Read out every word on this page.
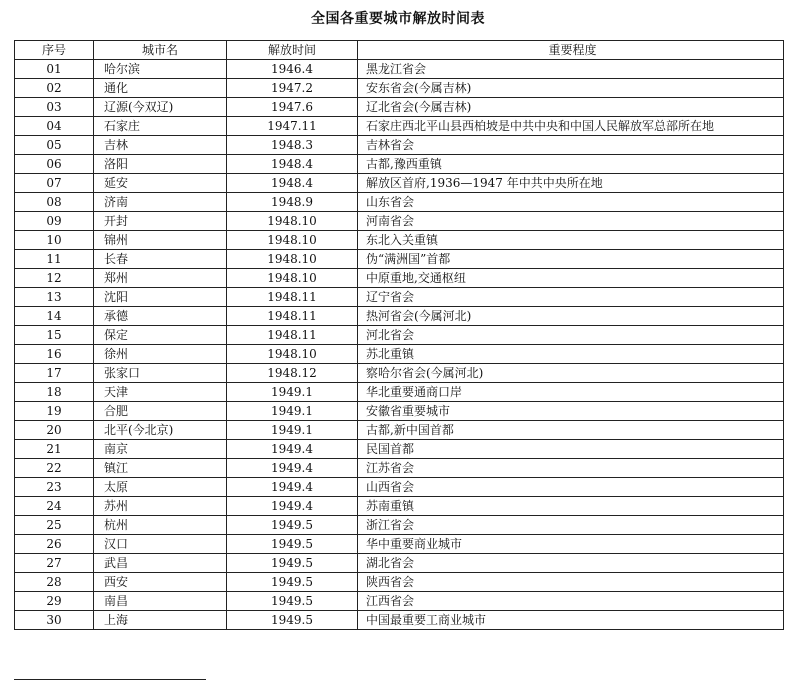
全国各重要城市解放时间表
序号	城市名	解放时间	重要程度
01	哈尔滨	1946.4	黑龙江省会
02	通化	1947.2	安东省会(今属吉林)
03	辽源(今双辽)	1947.6	辽北省会(今属吉林)
04	石家庄	1947.11	石家庄西北平山县西柏坡是中共中央和中国人民解放军总部所在地
05	吉林	1948.3	吉林省会
06	洛阳	1948.4	古都,豫西重镇
07	延安	1948.4	解放区首府,1936—1947 年中共中央所在地
08	济南	1948.9	山东省会
09	开封	1948.10	河南省会
10	锦州	1948.10	东北入关重镇
11	长春	1948.10	伪“满洲国”首都
12	郑州	1948.10	中原重地,交通枢纽
13	沈阳	1948.11	辽宁省会
14	承德	1948.11	热河省会(今属河北)
15	保定	1948.11	河北省会
16	徐州	1948.10	苏北重镇
17	张家口	1948.12	察哈尔省会(今属河北)
18	天津	1949.1	华北重要通商口岸
19	合肥	1949.1	安徽省重要城市
20	北平(今北京)	1949.1	古都,新中国首都
21	南京	1949.4	民国首都
22	镇江	1949.4	江苏省会
23	太原	1949.4	山西省会
24	苏州	1949.4	苏南重镇
25	杭州	1949.5	浙江省会
26	汉口	1949.5	华中重要商业城市
27	武昌	1949.5	湖北省会
28	西安	1949.5	陕西省会
29	南昌	1949.5	江西省会
30	上海	1949.5	中国最重要工商业城市
